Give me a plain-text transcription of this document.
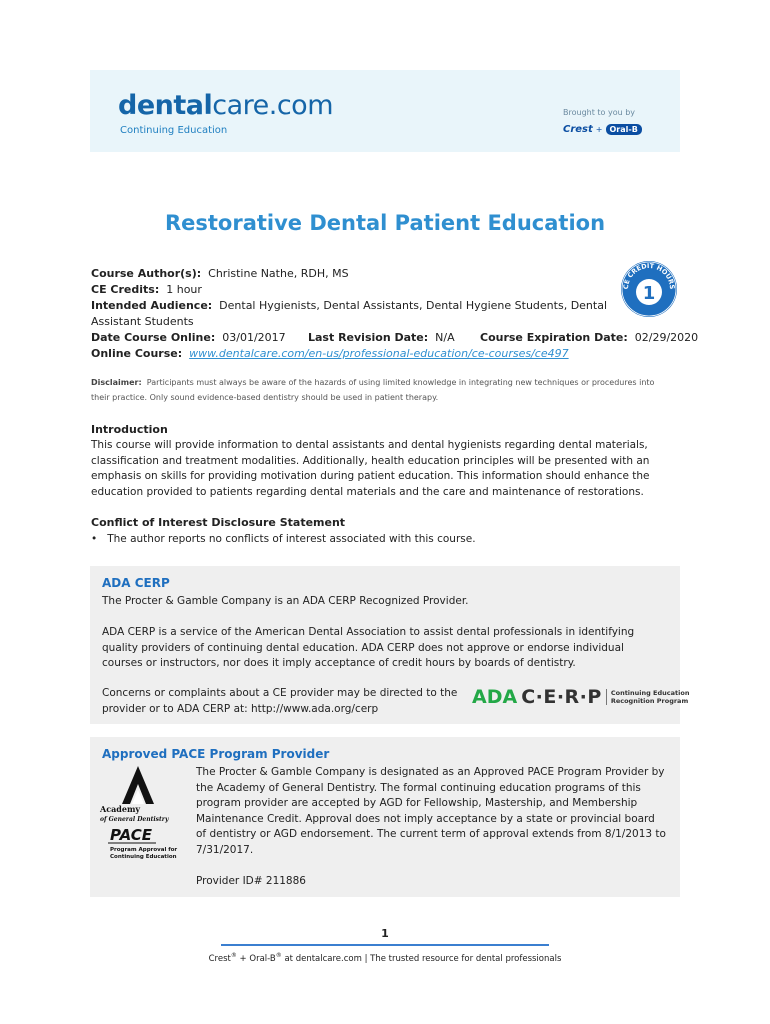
dentalcare.com
Continuing Education
Brought to you by
Crest + Oral-B
Restorative Dental Patient Education
Course Author(s): Christine Nathe, RDH, MS
CE Credits: 1 hour
Intended Audience: Dental Hygienists, Dental Assistants, Dental Hygiene Students, Dental
Assistant Students
Date Course Online: 03/01/2017 Last Revision Date: N/A Course Expiration Date: 02/29/2020
Online Course: www.dentalcare.com/en-us/professional-education/ce-courses/ce497
CE CREDIT HOURS
1
Disclaimer: Participants must always be aware of the hazards of using limited knowledge in integrating new techniques or procedures into their practice. Only sound evidence-based dentistry should be used in patient therapy.
Introduction
This course will provide information to dental assistants and dental hygienists regarding dental materials, classification and treatment modalities. Additionally, health education principles will be presented with an emphasis on skills for providing motivation during patient education. This information should enhance the education provided to patients regarding dental materials and the care and maintenance of restorations.
Conflict of Interest Disclosure Statement
• The author reports no conflicts of interest associated with this course.
ADA CERP
The Procter & Gamble Company is an ADA CERP Recognized Provider.
ADA CERP is a service of the American Dental Association to assist dental professionals in identifying quality providers of continuing dental education. ADA CERP does not approve or endorse individual courses or instructors, nor does it imply acceptance of credit hours by boards of dentistry.
Concerns or complaints about a CE provider may be directed to the provider or to ADA CERP at: http://www.ada.org/cerp
ADA C·E·R·P	Continuing Education
Recognition Program
Approved PACE Program Provider
Academy
of General Dentistry
PACE
Program Approval for
Continuing Education
The Procter & Gamble Company is designated as an Approved PACE Program Provider by the Academy of General Dentistry. The formal continuing education programs of this program provider are accepted by AGD for Fellowship, Mastership, and Membership Maintenance Credit. Approval does not imply acceptance by a state or provincial board of dentistry or AGD endorsement. The current term of approval extends from 8/1/2013 to 7/31/2017.
Provider ID# 211886
1
Crest® + Oral-B® at dentalcare.com | The trusted resource for dental professionals
